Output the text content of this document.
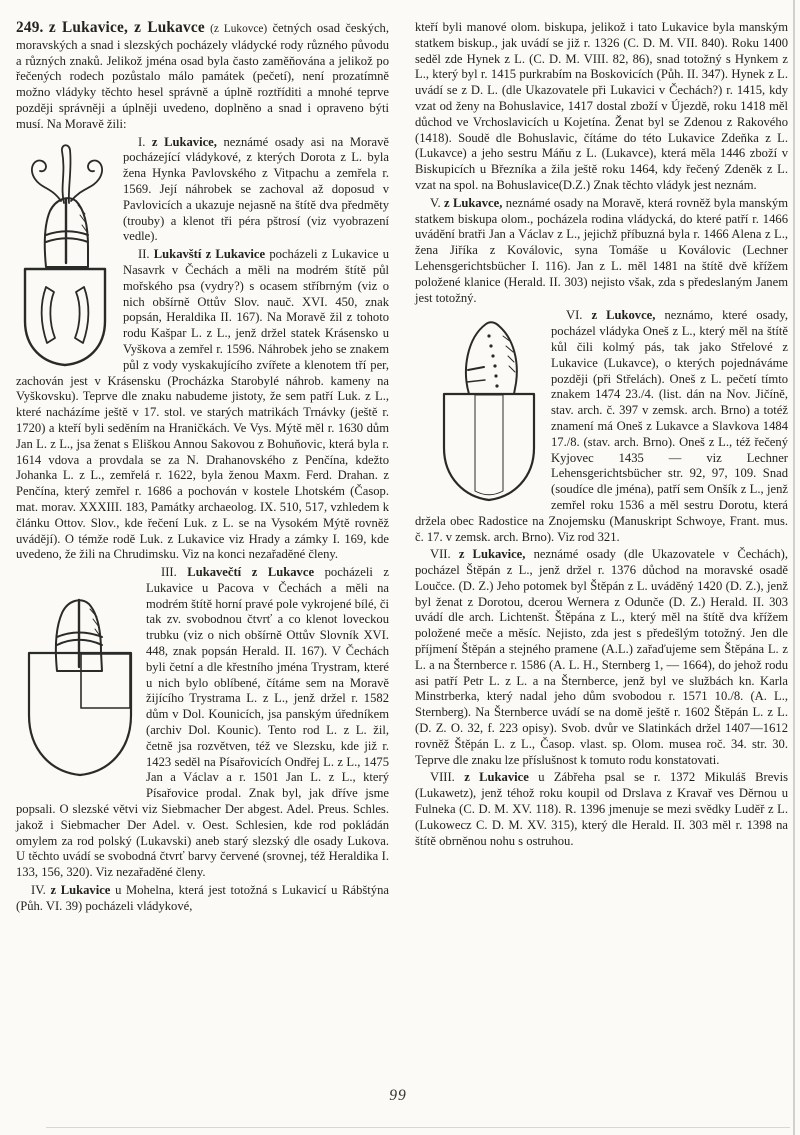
249. z Lukavice, z Lukavce (z Lukovce) četných osad českých, moravských a snad i slezských pocházely vládycké rody různého původu a různých znaků. Jelikož jména osad byla často zaměňována a jelikož po řečených rodech pozůstalo málo památek (pečetí), není prozatímně možno vládyky těchto hesel správně a úplně roztříditi a mnohé teprve později správněji a úplněji uvedeno, doplněno a snad i opraveno býti musí. Na Moravě žili:

I. z Lukavice, neznámé osady asi na Moravě pocházející vládykové, z kterých Dorota z L. byla žena Hynka Pavlovského z Vitpachu a zemřela r. 1569. Její náhrobek se zachoval až doposud v Pavlovicích a ukazuje nejasně na štítě dva předměty (trouby) a klenot tři péra pštrosí (viz vyobrazení vedle).

II. Lukavští z Lukavice pocházeli z Lukavice u Nasavrk v Čechách a měli na modrém štítě půl mořského psa (vydry?) s ocasem stříbrným (viz o nich obšírně Ottův Slov. nauč. XVI. 450, znak popsán, Heraldika II. 167). Na Moravě žil z tohoto rodu Kašpar L. z L., jenž držel statek Krásensko u Vyškova a zemřel r. 1596. Náhrobek jeho se znakem půl z vody vyskakujícího zvířete a klenotem tří per, zachován jest v Krásensku (Procházka Starobylé náhrob. kameny na Vyškovsku). Teprve dle znaku nabudeme jistoty, že sem patří Luk. z L., které nacházíme ještě v 17. stol. ve starých matrikách Trnávky (ještě r. 1720) a kteří byli seděním na Hraničkách. Ve Vys. Mýtě měl r. 1630 dům Jan L. z L., jsa ženat s Eliškou Annou Sakovou z Bohuňovic, která byla r. 1614 vdova a provdala se za N. Drahanovského z Penčína, kdežto Johanka L. z L., zemřelá r. 1622, byla ženou Maxm. Ferd. Drahan. z Penčína, který zemřel r. 1686 a pochován v kostele Lhotském (Časop. mat. morav. XXXIII. 183, Památky archaeolog. IX. 510, 517, vzhledem k článku Ottov. Slov., kde řečení Luk. z L. se na Vysokém Mýtě rovněž uvádějí). O témže rodě Luk. z Lukavice viz Hrady a zámky I. 169, kde uvedeno, že žili na Chrudimsku. Viz na konci nezařaděné členy.

III. Lukavečtí z Lukavce pocházeli z Lukavice u Pacova v Čechách a měli na modrém štítě horní pravé pole vykrojené bílé, či tak zv. svobodnou čtvrť a co klenot loveckou trubku (viz o nich obšírně Ottův Slovník XVI. 448, znak popsán Herald. II. 167). V Čechách byli četní a dle křestního jména Trystram, které u nich bylo oblíbené, čítáme sem na Moravě žijícího Trystrama L. z L., jenž držel r. 1582 dům v Dol. Kounicích, jsa panským úředníkem (archiv Dol. Kounic). Tento rod L. z L. žil, četně jsa rozvětven, též ve Slezsku, kde již r. 1423 seděl na Písařovicích Ondřej L. z L., 1475 Jan a Václav a r. 1501 Jan L. z L., který Písařovice prodal. Znak byl, jak dříve jsme popsali. O slezské větvi viz Siebmacher Der abgest. Adel. Preus. Schles. jakož i Siebmacher Der Adel. v. Oest. Schlesien, kde rod pokládán omylem za rod polský (Lukavski) aneb starý slezský dle osady Lukova. U těchto uvádí se svobodná čtvrť barvy červené (srovnej, též Heraldika I. 133, 156, 320). Viz nezařaděné členy.

IV. z Lukavice u Mohelna, která jest totožná s Lukavicí u Rábštýna (Půh. VI. 39) pocházeli vládykové,

kteří byli manové olom. biskupa, jelikož i tato Lukavice byla manským statkem biskup., jak uvádí se již r. 1326 (C. D. M. VII. 840). Roku 1400 seděl zde Hynek z L. (C. D. M. VIII. 82, 86), snad totožný s Hynkem z L., který byl r. 1415 purkrabím na Boskovicích (Půh. II. 347). Hynek z L. uvádí se z D. L. (dle Ukazovatele při Lukavici v Čechách?) r. 1415, kdy vzat od ženy na Bohuslavice, 1417 dostal zboží v Újezdě, roku 1418 měl důchod ve Vrchoslavicích u Kojetína. Ženat byl se Zdenou z Rakového (1418). Soudě dle Bohuslavic, čítáme do této Lukavice Zdeňka z L. (Lukavce) a jeho sestru Máňu z L. (Lukavce), která měla 1446 zboží v Biskupicích u Březníka a žila ještě roku 1464, kdy řečený Zdeněk z L. vzat na spol. na Bohuslavice(D.Z.) Znak těchto vládyk jest neznám.

V. z Lukavce, neznámé osady na Moravě, která rovněž byla manským statkem biskupa olom., pocházela rodina vládycká, do které patří r. 1466 uvádění bratři Jan a Václav z L., jejichž příbuzná byla r. 1466 Alena z L., žena Jiříka z Koválovic, syna Tomáše u Koválovic (Lechner Lehensgerichtsbücher I. 116). Jan z L. měl 1481 na štítě dvě křížem položené klanice (Herald. II. 303) nejisto však, zda s předeslaným Janem jest totožný.

VI. z Lukovce, neznámo, které osady, pocházel vládyka Oneš z L., který měl na štítě kůl čili kolmý pás, tak jako Střelové z Lukavice (Lukavce), o kterých pojednáváme později (při Střelách). Oneš z L. pečetí tímto znakem 1474 23./4. (list. dán na Nov. Jičíně, stav. arch. č. 397 v zemsk. arch. Brno) a totéž znamení má Oneš z Lukavce a Slavkova 1484 17./8. (stav. arch. Brno). Oneš z L., též řečený Kyjovec 1435 — viz Lechner Lehensgerichtsbücher str. 92, 97, 109. Snad (soudíce dle jména), patří sem Onšík z L., jenž zemřel roku 1536 a měl sestru Dorotu, která držela obec Radostice na Znojemsku (Manuskript Schwoye, Frant. mus. č. 17. v zemsk. arch. Brno). Viz rod 321.

VII. z Lukavice, neznámé osady (dle Ukazovatele v Čechách), pocházel Štěpán z L., jenž držel r. 1376 důchod na moravské osadě Loučce. (D. Z.) Jeho potomek byl Štěpán z L. uváděný 1420 (D. Z.), jenž byl ženat z Dorotou, dcerou Wernera z Odunče (D. Z.) Herald. II. 303 uvádí dle arch. Lichtenšt. Štěpána z L., který měl na štítě dva křížem položené meče a měsíc. Nejisto, zda jest s předešlým totožný. Jen dle příjmení Štěpán a stejného pramene (A.L.) zařaďujeme sem Štěpána L. z L. a na Šternberce r. 1586 (A. L. H., Sternberg 1, — 1664), do jehož rodu asi patří Petr L. z L. a na Šternberce, jenž byl ve službách kn. Karla Minstrberka, který nadal jeho dům svobodou r. 1571 10./8. (A. L., Sternberg). Na Šternberce uvádí se na domě ještě r. 1602 Štěpán L. z L. (D. Z. O. 32, f. 223 opisy). Svob. dvůr ve Slatinkách držel 1407—1612 rovněž Štěpán L. z L., Časop. vlast. sp. Olom. musea roč. 34. str. 30. Teprve dle znaku lze příslušnost k tomuto rodu konstatovati.

VIII. z Lukavice u Zábřeha psal se r. 1372 Mikuláš Brevis (Lukawetz), jenž téhož roku koupil od Drslava z Kravař ves Děrnou u Fulneka (C. D. M. XV. 118). R. 1396 jmenuje se mezi svědky Luděř z L. (Lukowecz C. D. M. XV. 315), který dle Herald. II. 303 měl r. 1398 na štítě obrněnou nohu s ostruhou.

99
